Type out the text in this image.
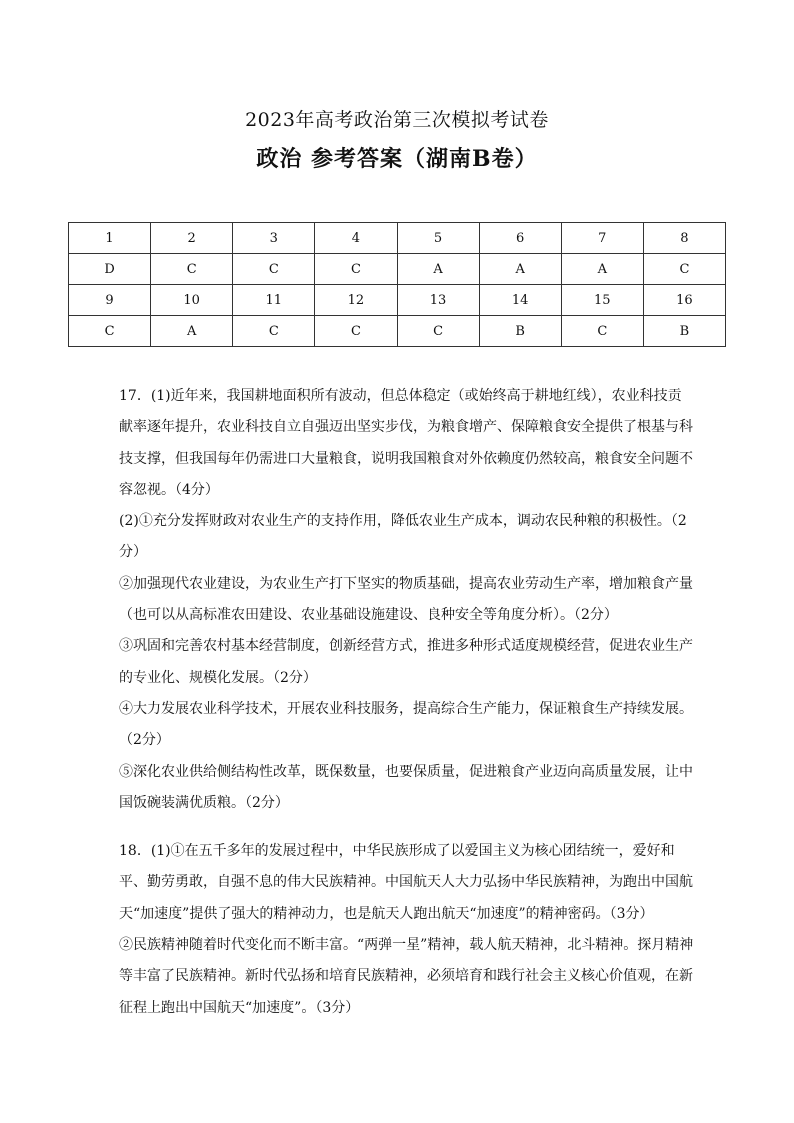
2023年高考政治第三次模拟考试卷
政治 参考答案（湖南B卷）
1	2	3	4	5	6	7	8
D	C	C	C	A	A	A	C
9	10	11	12	13	14	15	16
C	A	C	C	C	B	C	B

17．(1)近年来，我国耕地面积所有波动，但总体稳定（或始终高于耕地红线），农业科技贡献率逐年提升，农业科技自立自强迈出坚实步伐，为粮食增产、保障粮食安全提供了根基与科技支撑，但我国每年仍需进口大量粮食，说明我国粮食对外依赖度仍然较高，粮食安全问题不容忽视。（4分）

(2)①充分发挥财政对农业生产的支持作用，降低农业生产成本，调动农民种粮的积极性。（2分）

②加强现代农业建设，为农业生产打下坚实的物质基础，提高农业劳动生产率，增加粮食产量（也可以从高标准农田建设、农业基础设施建设、良种安全等角度分析）。（2分）

③巩固和完善农村基本经营制度，创新经营方式，推进多种形式适度规模经营，促进农业生产的专业化、规模化发展。（2分）

④大力发展农业科学技术，开展农业科技服务，提高综合生产能力，保证粮食生产持续发展。（2分）

⑤深化农业供给侧结构性改革，既保数量，也要保质量，促进粮食产业迈向高质量发展，让中国饭碗装满优质粮。（2分）

18．(1)①在五千多年的发展过程中，中华民族形成了以爱国主义为核心团结统一，爱好和平、勤劳勇敢，自强不息的伟大民族精神。中国航天人大力弘扬中华民族精神，为跑出中国航天“加速度”提供了强大的精神动力，也是航天人跑出航天“加速度”的精神密码。（3分）

②民族精神随着时代变化而不断丰富。“两弹一星”精神，载人航天精神，北斗精神。探月精神等丰富了民族精神。新时代弘扬和培育民族精神，必须培育和践行社会主义核心价值观，在新征程上跑出中国航天“加速度”。（3分）
